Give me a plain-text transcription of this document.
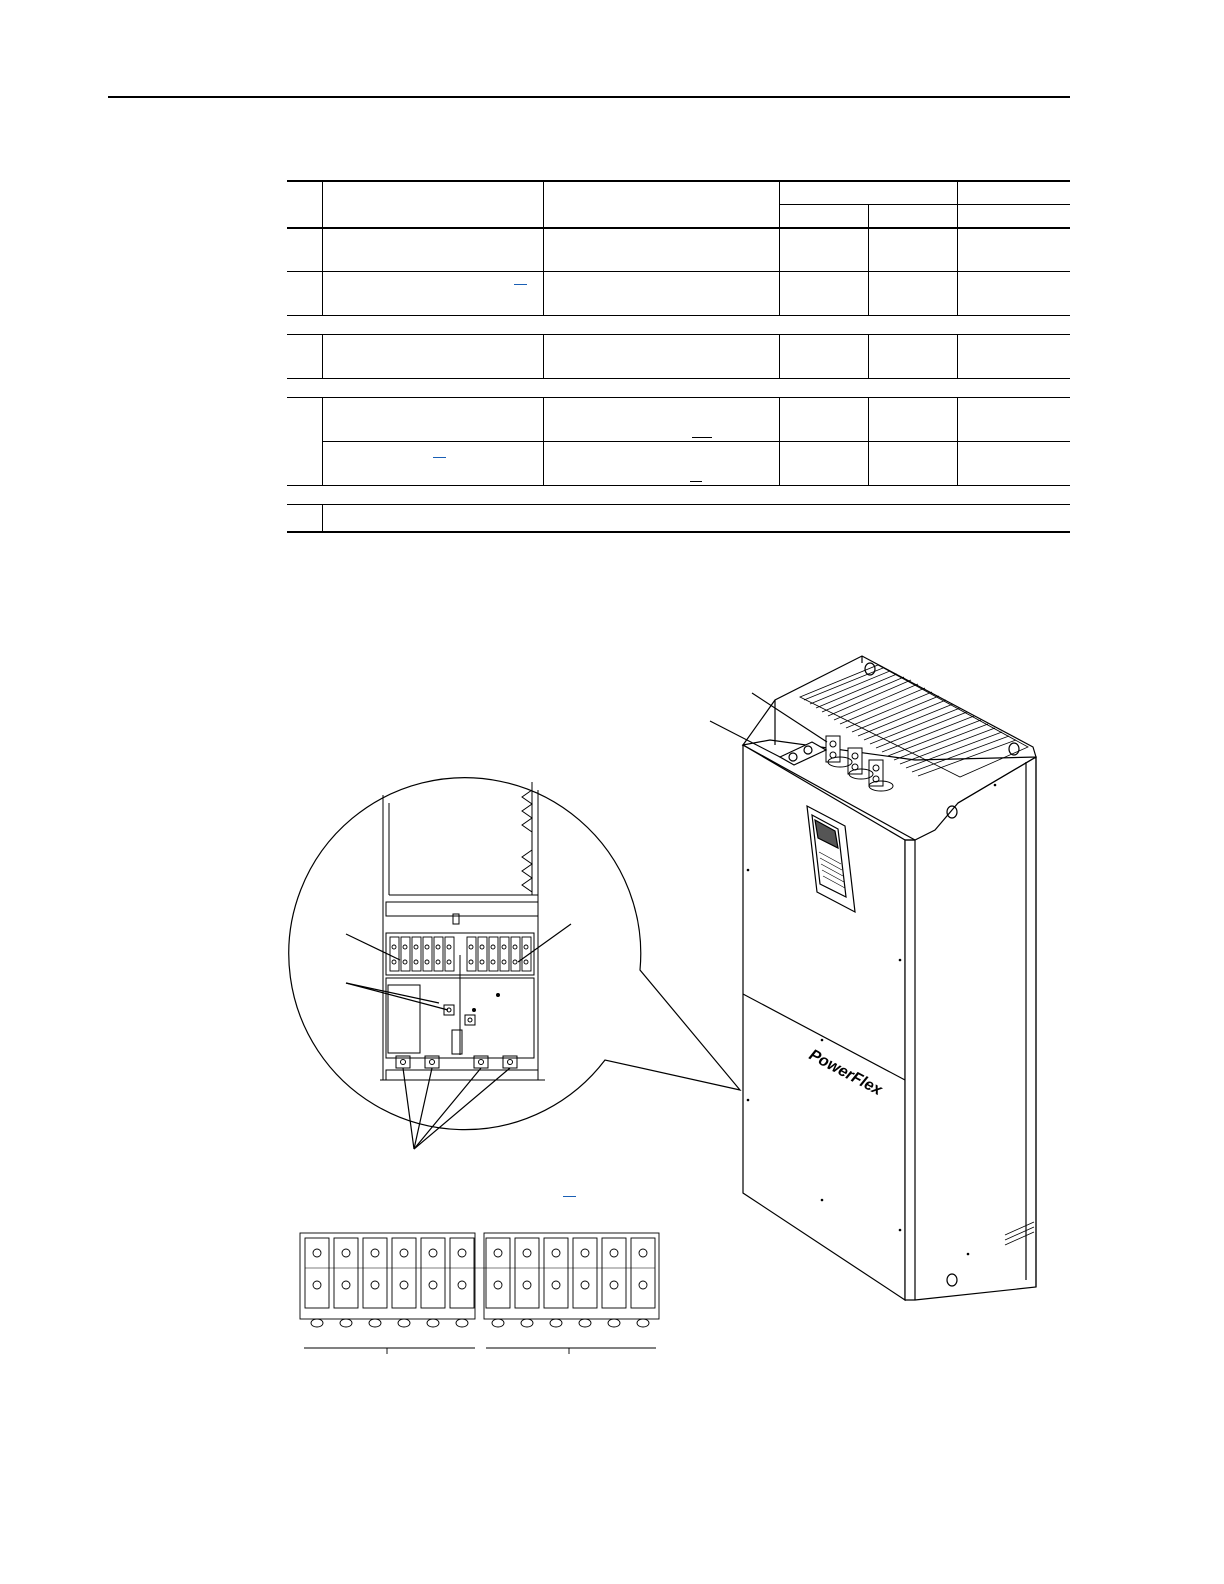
PowerFlex
